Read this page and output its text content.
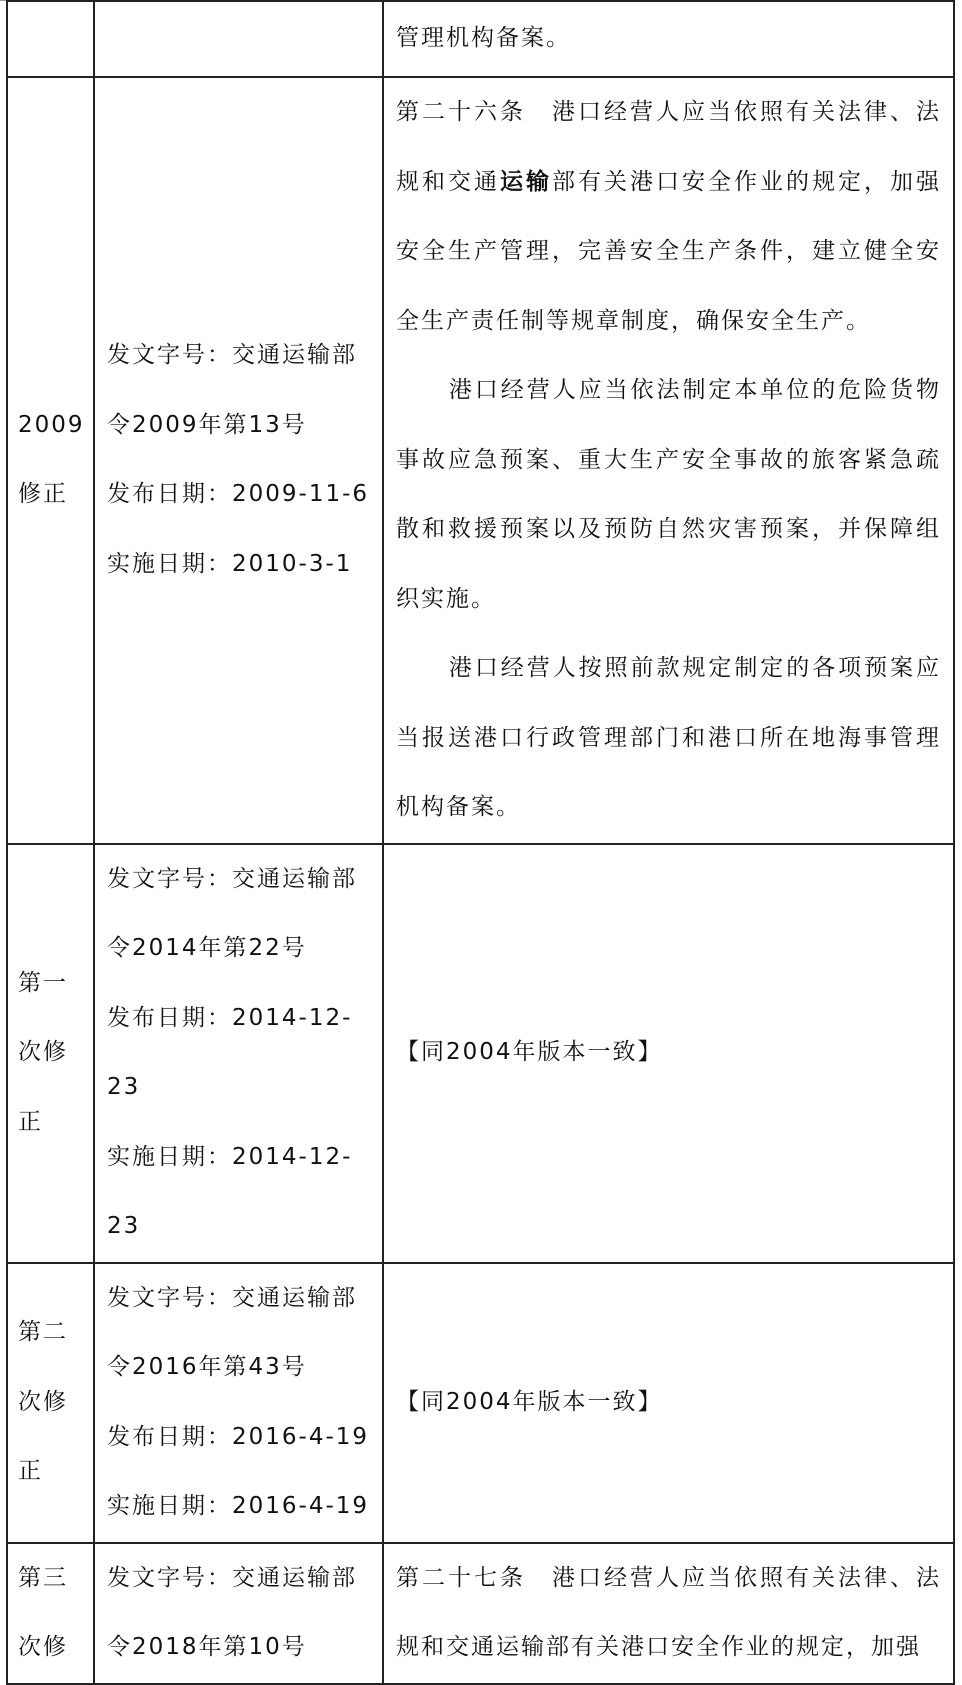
		管理机构备案。

2009修正	发文字号：交通运输部令2009年第13号
发布日期：2009-11-6
实施日期：2010-3-1	第二十六条　港口经营人应当依照有关法律、法规和交通运输部有关港口安全作业的规定，加强安全生产管理，完善安全生产条件，建立健全安全生产责任制等规章制度，确保安全生产。
港口经营人应当依法制定本单位的危险货物事故应急预案、重大生产安全事故的旅客紧急疏散和救援预案以及预防自然灾害预案，并保障组织实施。
港口经营人按照前款规定制定的各项预案应当报送港口行政管理部门和港口所在地海事管理机构备案。

第一次修正	发文字号：交通运输部令2014年第22号
发布日期：2014-12-23
实施日期：2014-12-23	【同2004年版本一致】

第二次修正	发文字号：交通运输部令2016年第43号
发布日期：2016-4-19
实施日期：2016-4-19	【同2004年版本一致】

第三次修	发文字号：交通运输部令2018年第10号	第二十七条　港口经营人应当依照有关法律、法规和交通运输部有关港口安全作业的规定，加强
